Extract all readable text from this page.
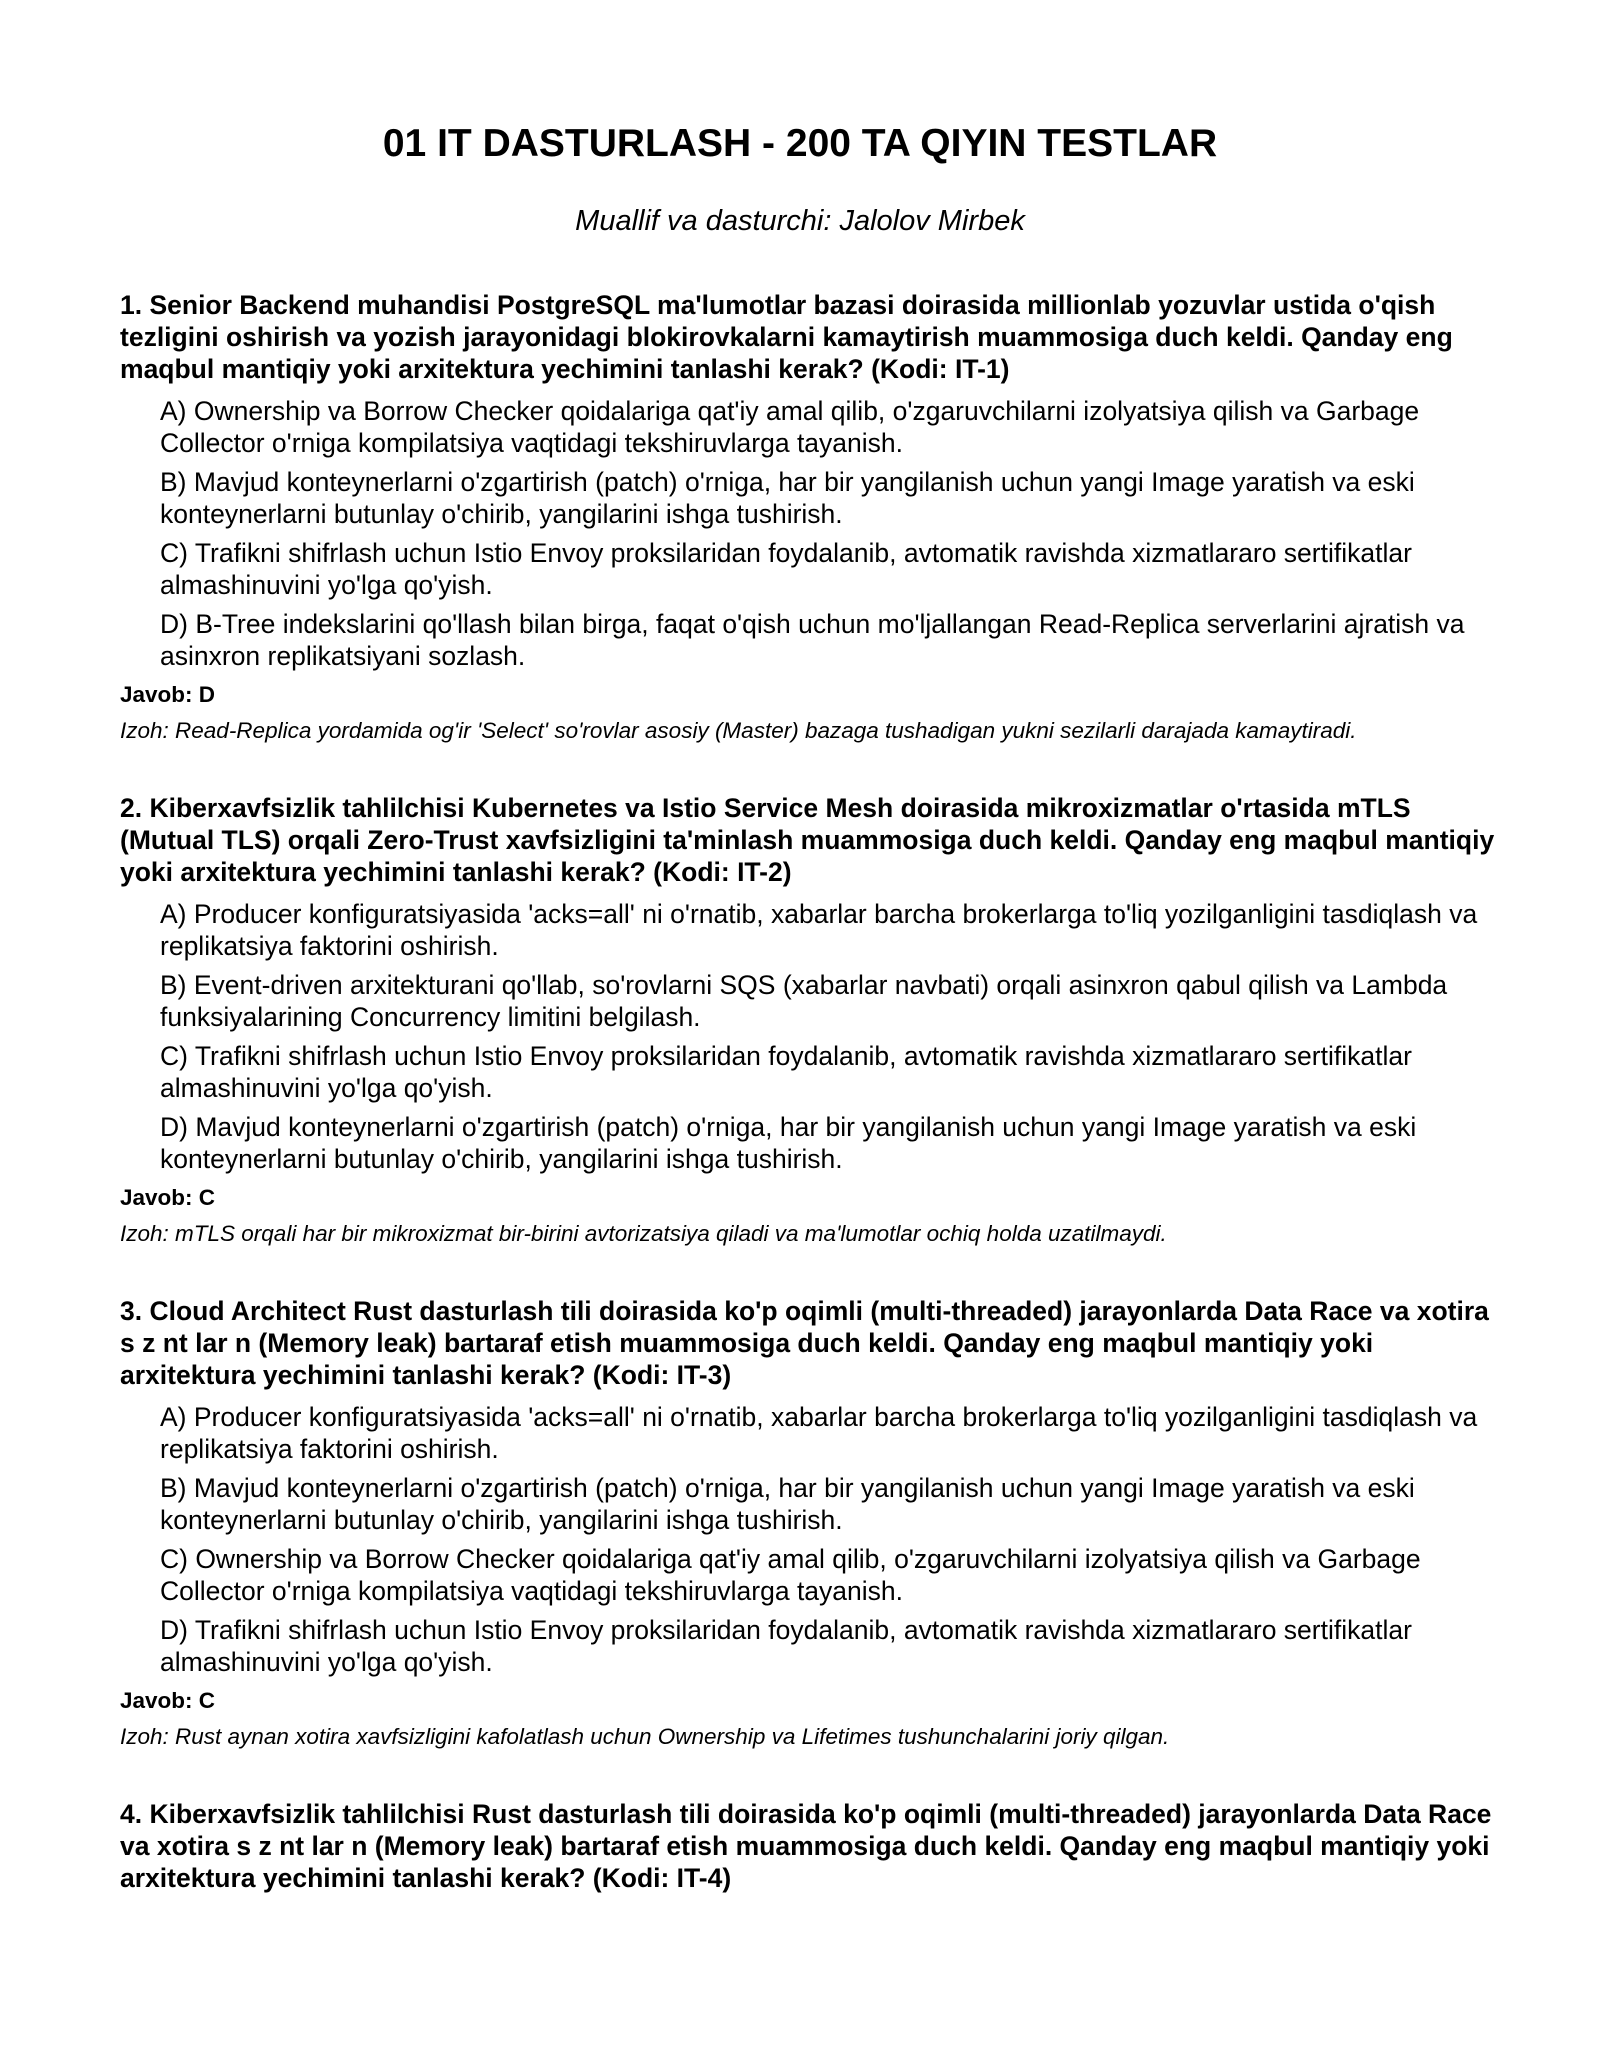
01 IT DASTURLASH - 200 TA QIYIN TESTLAR
Muallif va dasturchi: Jalolov Mirbek

1. Senior Backend muhandisi PostgreSQL ma'lumotlar bazasi doirasida millionlab yozuvlar ustida o'qish tezligini oshirish va yozish jarayonidagi blokirovkalarni kamaytirish muammosiga duch keldi. Qanday eng maqbul mantiqiy yoki arxitektura yechimini tanlashi kerak? (Kodi: IT-1)

A) Ownership va Borrow Checker qoidalariga qat'iy amal qilib, o'zgaruvchilarni izolyatsiya qilish va Garbage Collector o'rniga kompilatsiya vaqtidagi tekshiruvlarga tayanish.
B) Mavjud konteynerlarni o'zgartirish (patch) o'rniga, har bir yangilanish uchun yangi Image yaratish va eski konteynerlarni butunlay o'chirib, yangilarini ishga tushirish.
C) Trafikni shifrlash uchun Istio Envoy proksilaridan foydalanib, avtomatik ravishda xizmatlararo sertifikatlar almashinuvini yo'lga qo'yish.
D) B-Tree indekslarini qo'llash bilan birga, faqat o'qish uchun mo'ljallangan Read-Replica serverlarini ajratish va asinxron replikatsiyani sozlash.
Javob: D

Izoh: Read-Replica yordamida og'ir 'Select' so'rovlar asosiy (Master) bazaga tushadigan yukni sezilarli darajada kamaytiradi.

2. Kiberxavfsizlik tahlilchisi Kubernetes va Istio Service Mesh doirasida mikroxizmatlar o'rtasida mTLS (Mutual TLS) orqali Zero-Trust xavfsizligini ta'minlash muammosiga duch keldi. Qanday eng maqbul mantiqiy yoki arxitektura yechimini tanlashi kerak? (Kodi: IT-2)

A) Producer konfiguratsiyasida 'acks=all' ni o'rnatib, xabarlar barcha brokerlarga to'liq yozilganligini tasdiqlash va replikatsiya faktorini oshirish.
B) Event-driven arxitekturani qo'llab, so'rovlarni SQS (xabarlar navbati) orqali asinxron qabul qilish va Lambda funksiyalarining Concurrency limitini belgilash.
C) Trafikni shifrlash uchun Istio Envoy proksilaridan foydalanib, avtomatik ravishda xizmatlararo sertifikatlar almashinuvini yo'lga qo'yish.
D) Mavjud konteynerlarni o'zgartirish (patch) o'rniga, har bir yangilanish uchun yangi Image yaratish va eski konteynerlarni butunlay o'chirib, yangilarini ishga tushirish.
Javob: C

Izoh: mTLS orqali har bir mikroxizmat bir-birini avtorizatsiya qiladi va ma'lumotlar ochiq holda uzatilmaydi.

3. Cloud Architect Rust dasturlash tili doirasida ko'p oqimli (multi-threaded) jarayonlarda Data Race va xotira s z nt lar n (Memory leak) bartaraf etish muammosiga duch keldi. Qanday eng maqbul mantiqiy yoki arxitektura yechimini tanlashi kerak? (Kodi: IT-3)

A) Producer konfiguratsiyasida 'acks=all' ni o'rnatib, xabarlar barcha brokerlarga to'liq yozilganligini tasdiqlash va replikatsiya faktorini oshirish.
B) Mavjud konteynerlarni o'zgartirish (patch) o'rniga, har bir yangilanish uchun yangi Image yaratish va eski konteynerlarni butunlay o'chirib, yangilarini ishga tushirish.
C) Ownership va Borrow Checker qoidalariga qat'iy amal qilib, o'zgaruvchilarni izolyatsiya qilish va Garbage Collector o'rniga kompilatsiya vaqtidagi tekshiruvlarga tayanish.
D) Trafikni shifrlash uchun Istio Envoy proksilaridan foydalanib, avtomatik ravishda xizmatlararo sertifikatlar almashinuvini yo'lga qo'yish.
Javob: C

Izoh: Rust aynan xotira xavfsizligini kafolatlash uchun Ownership va Lifetimes tushunchalarini joriy qilgan.

4. Kiberxavfsizlik tahlilchisi Rust dasturlash tili doirasida ko'p oqimli (multi-threaded) jarayonlarda Data Race va xotira s z nt lar n (Memory leak) bartaraf etish muammosiga duch keldi. Qanday eng maqbul mantiqiy yoki arxitektura yechimini tanlashi kerak? (Kodi: IT-4)
